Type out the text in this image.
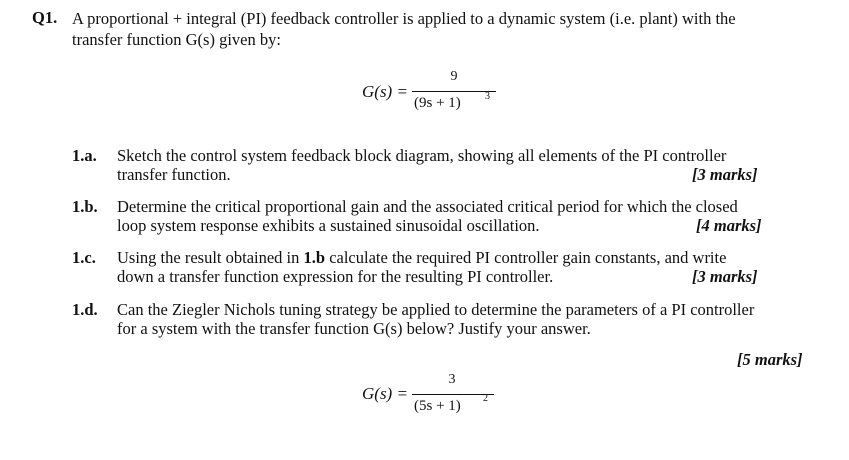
Q1. A proportional + integral (PI) feedback controller is applied to a dynamic system (i.e. plant) with the
transfer function G(s) given by:
G(s) =
9
(9s + 1) 3
1.a. Sketch the control system feedback block diagram, showing all elements of the PI controller
transfer function.	[3 marks]
1.b. Determine the critical proportional gain and the associated critical period for which the closed
loop system response exhibits a sustained sinusoidal oscillation.	[4 marks]
1.c. Using the result obtained in 1.b calculate the required PI controller gain constants, and write
down a transfer function expression for the resulting PI controller.	[3 marks]
1.d. Can the Ziegler Nichols tuning strategy be applied to determine the parameters of a PI controller
for a system with the transfer function G(s) below? Justify your answer.
[5 marks]
G(s) =
3
(5s + 1) 2
